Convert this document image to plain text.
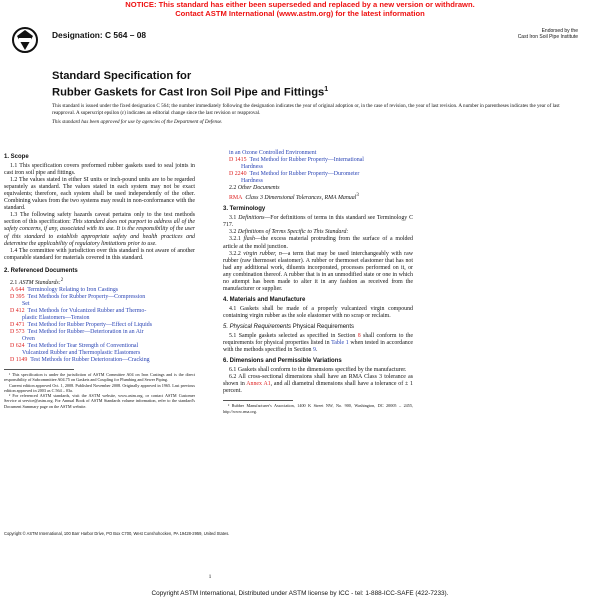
NOTICE: This standard has either been superseded and replaced by a new version or withdrawn.
Contact ASTM International (www.astm.org) for the latest information
Designation: C 564 – 08	Endorsed by the
Cast Iron Soil Pipe Institute
Standard Specification for
Rubber Gaskets for Cast Iron Soil Pipe and Fittings$^1$
This standard is issued under the fixed designation C 564; the number immediately following the designation indicates the year of original adoption or, in the case of revision, the year of last revision. A number in parentheses indicates the year of last reapproval. A superscript epsilon (ε) indicates an editorial change since the last revision or reapproval.
This standard has been approved for use by agencies of the Department of Defense.
1. Scope

1.1 This specification covers preformed rubber gaskets used to seal joints in cast iron soil pipe and fittings.

1.2 The values stated in either SI units or inch-pound units are to be regarded separately as standard. The values stated in each system may not be exact equivalents; therefore, each system shall be used independently of the other. Combining values from the two systems may result in non-conformance with the standard.

1.3 The following safety hazards caveat pertains only to the test methods section of this specification: This standard does not purport to address all of the safety concerns, if any, associated with its use. It is the responsibility of the user of this standard to establish appropriate safety and health practices and determine the applicability of regulatory limitations prior to use.

1.4 The committee with jurisdiction over this standard is not aware of another comparable standard for materials covered in this standard.

2. Referenced Documents

2.1 ASTM Standards:$^2$

A 644 Terminology Relating to Iron Castings

D 395 Test Methods for Rubber Property—Compression

Set

D 412 Test Methods for Vulcanized Rubber and Thermo-

plastic Elastomers—Tension

D 471 Test Method for Rubber Property—Effect of Liquids

D 573 Test Method for Rubber—Deterioration in an Air

Oven

D 624 Test Method for Tear Strength of Conventional

Vulcanized Rubber and Thermoplastic Elastomers

D 1149 Test Methods for Rubber Deterioration—Cracking

¹ This specification is under the jurisdiction of ASTM Committee A04 on Iron Castings and is the direct responsibility of Subcommittee A04.75 on Gaskets and Coupling for Plumbing and Sewer Piping.

Current edition approved Oct. 1, 2008. Published November 2008. Originally approved in 1965. Last previous edition approved in 2003 as C 564 – 03a.

² For referenced ASTM standards, visit the ASTM website, www.astm.org, or contact ASTM Customer Service at service@astm.org. For Annual Book of ASTM Standards volume information, refer to the standard's Document Summary page on the ASTM website.

in an Ozone Controlled Environment

D 1415 Test Method for Rubber Property—International

Hardness

D 2240 Test Method for Rubber Property—Durometer

Hardness

2.2 Other Documents

RMA Class 3 Dimensional Tolerances, RMA Manual$^3$

3. Terminology

3.1 Definitions—For definitions of terms in this standard see Terminology C 717.

3.2 Definitions of Terms Specific to This Standard:

3.2.1 flash—the excess material protruding from the surface of a molded article at the mold junction.

3.2.2 virgin rubber, n—a term that may be used interchangeably with raw rubber (raw thermoset elastomer). A rubber or thermoset elastomer that has not had any additional work, diluents incorporated, processes performed on it, or any combination thereof. A rubber that is in an unmodified state or one in which no attempt has been made to alter it in any fashion as received from the manufacturer or supplier.

4. Materials and Manufacture

4.1 Gaskets shall be made of a properly vulcanized virgin compound containing virgin rubber as the sole elastomer with no scrap or reclaim.

5. Physical Requirements Physical Requirements

5.1 Sample gaskets selected as specified in Section 8 shall conform to the requirements for physical properties listed in Table 1 when tested in accordance with the methods specified in Section 9.

6. Dimensions and Permissible Variations

6.1 Gaskets shall conform to the dimensions specified by the manufacturer.

6.2 All cross-sectional dimensions shall have an RMA Class 3 tolerance as shown in Annex A1, and all diametral dimensions shall have a tolerance of ± 1 percent.

³ Rubber Manufacturer's Association, 1400 K Street NW, No. 900, Washington, DC 20005 – 2455, http://www.rma.org.

Copyright © ASTM International, 100 Barr Harbor Drive, PO Box C700, West Conshohocken, PA 19428-2959, United States.
1
Copyright ASTM International, Distributed under ASTM license by ICC - tel: 1-888-ICC-SAFE (422-7233).
